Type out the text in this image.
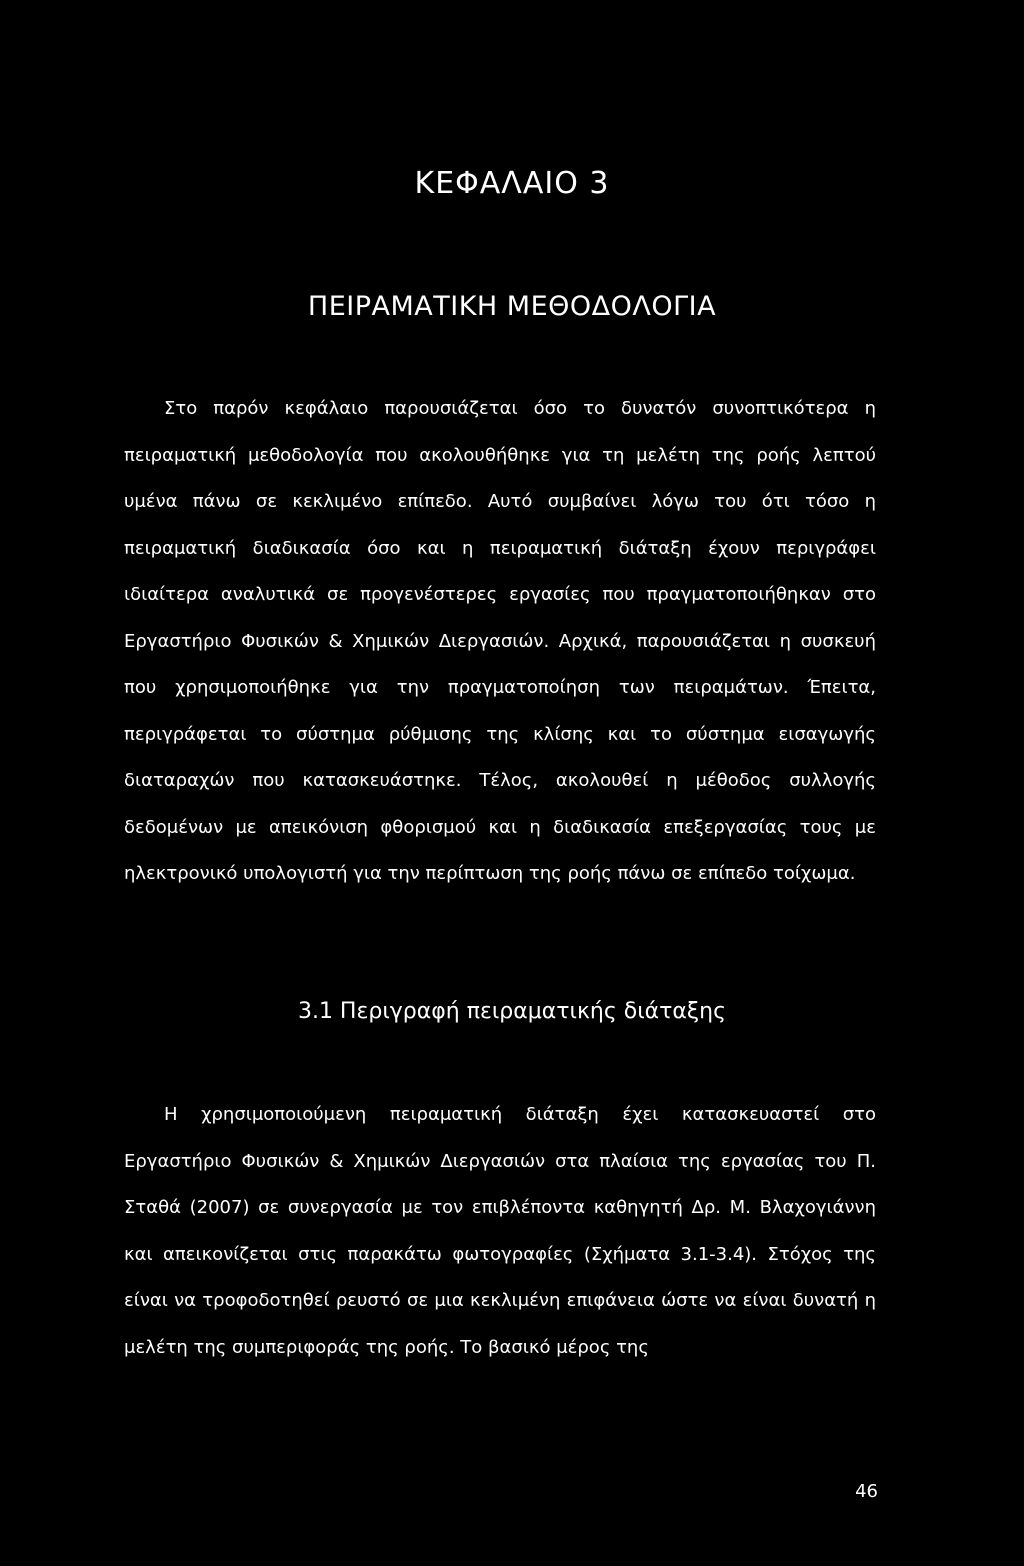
ΚΕΦΑΛΑΙΟ 3
ΠΕΙΡΑΜΑΤΙΚΗ ΜΕΘΟΔΟΛΟΓΙΑ

Στο παρόν κεφάλαιο παρουσιάζεται όσο το δυνατόν συνοπτικότερα η πειραματική μεθοδολογία που ακολουθήθηκε για τη μελέτη της ροής λεπτού υμένα πάνω σε κεκλιμένο επίπεδο. Αυτό συμβαίνει λόγω του ότι τόσο η πειραματική διαδικασία όσο και η πειραματική διάταξη έχουν περιγράφει ιδιαίτερα αναλυτικά σε προγενέστερες εργασίες που πραγματοποιήθηκαν στο Εργαστήριο Φυσικών & Χημικών Διεργασιών. Αρχικά, παρουσιάζεται η συσκευή που χρησιμοποιήθηκε για την πραγματοποίηση των πειραμάτων. Έπειτα, περιγράφεται το σύστημα ρύθμισης της κλίσης και το σύστημα εισαγωγής διαταραχών που κατασκευάστηκε. Τέλος, ακολουθεί η μέθοδος συλλογής δεδομένων με απεικόνιση φθορισμού και η διαδικασία επεξεργασίας τους με ηλεκτρονικό υπολογιστή για την περίπτωση της ροής πάνω σε επίπεδο τοίχωμα.

3.1 Περιγραφή πειραματικής διάταξης

Η χρησιμοποιούμενη πειραματική διάταξη έχει κατασκευαστεί στο Εργαστήριο Φυσικών & Χημικών Διεργασιών στα πλαίσια της εργασίας του Π. Σταθά (2007) σε συνεργασία με τον επιβλέποντα καθηγητή Δρ. Μ. Βλαχογιάννη και απεικονίζεται στις παρακάτω φωτογραφίες (Σχήματα 3.1-3.4). Στόχος της είναι να τροφοδοτηθεί ρευστό σε μια κεκλιμένη επιφάνεια ώστε να είναι δυνατή η μελέτη της συμπεριφοράς της ροής. Το βασικό μέρος της

46
